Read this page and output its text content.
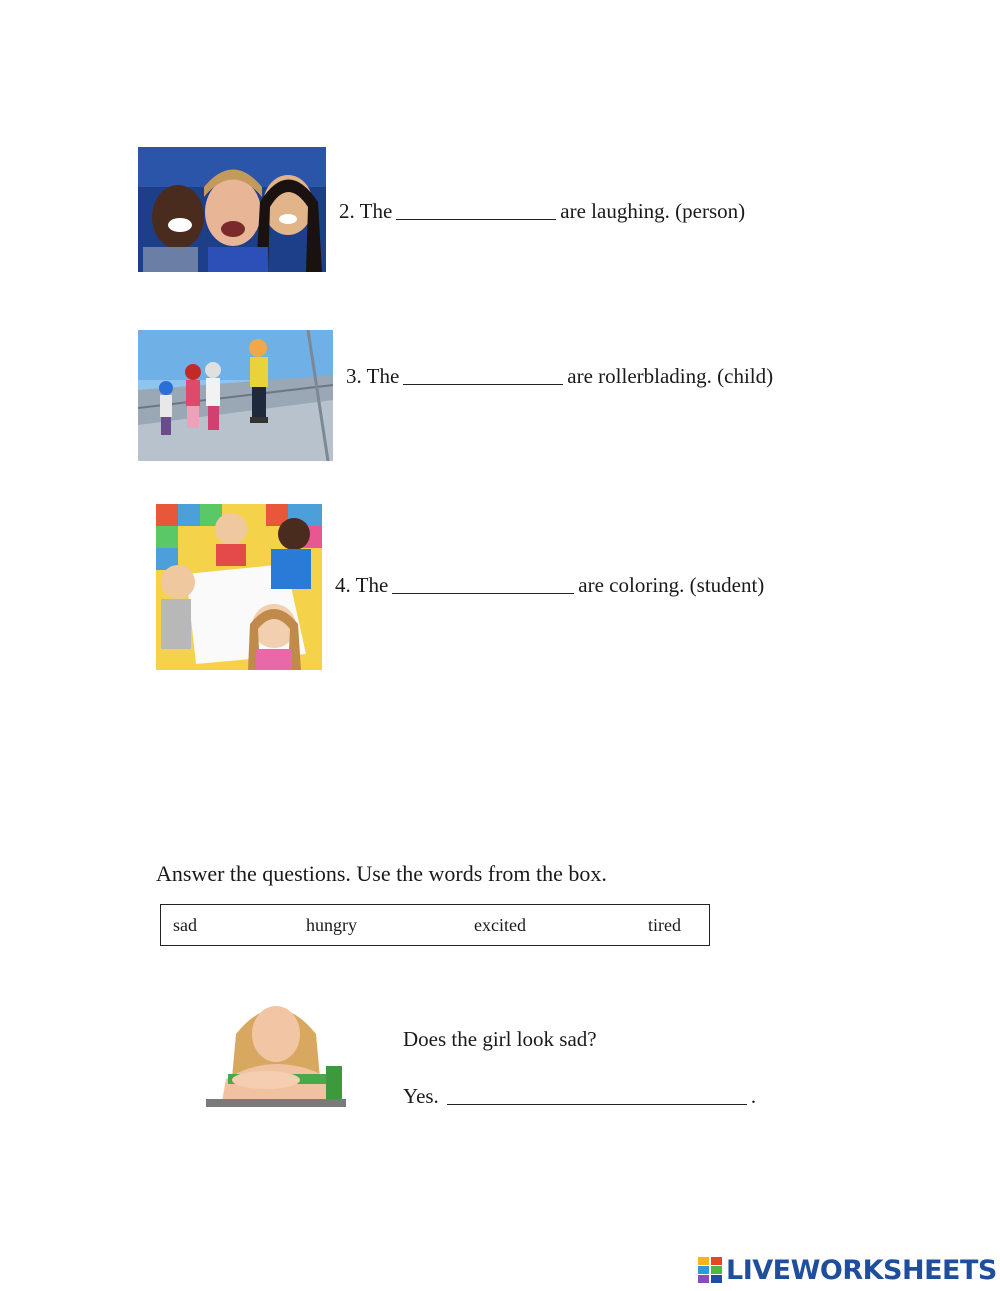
2. The	are laughing. (person)
3. The	are rollerblading. (child)
4. The	are coloring. (student)
Answer the questions. Use the words from the box.
sad	hungry	excited	tired
Does the girl look sad?
Yes.	.
LIVEWORKSHEETS
